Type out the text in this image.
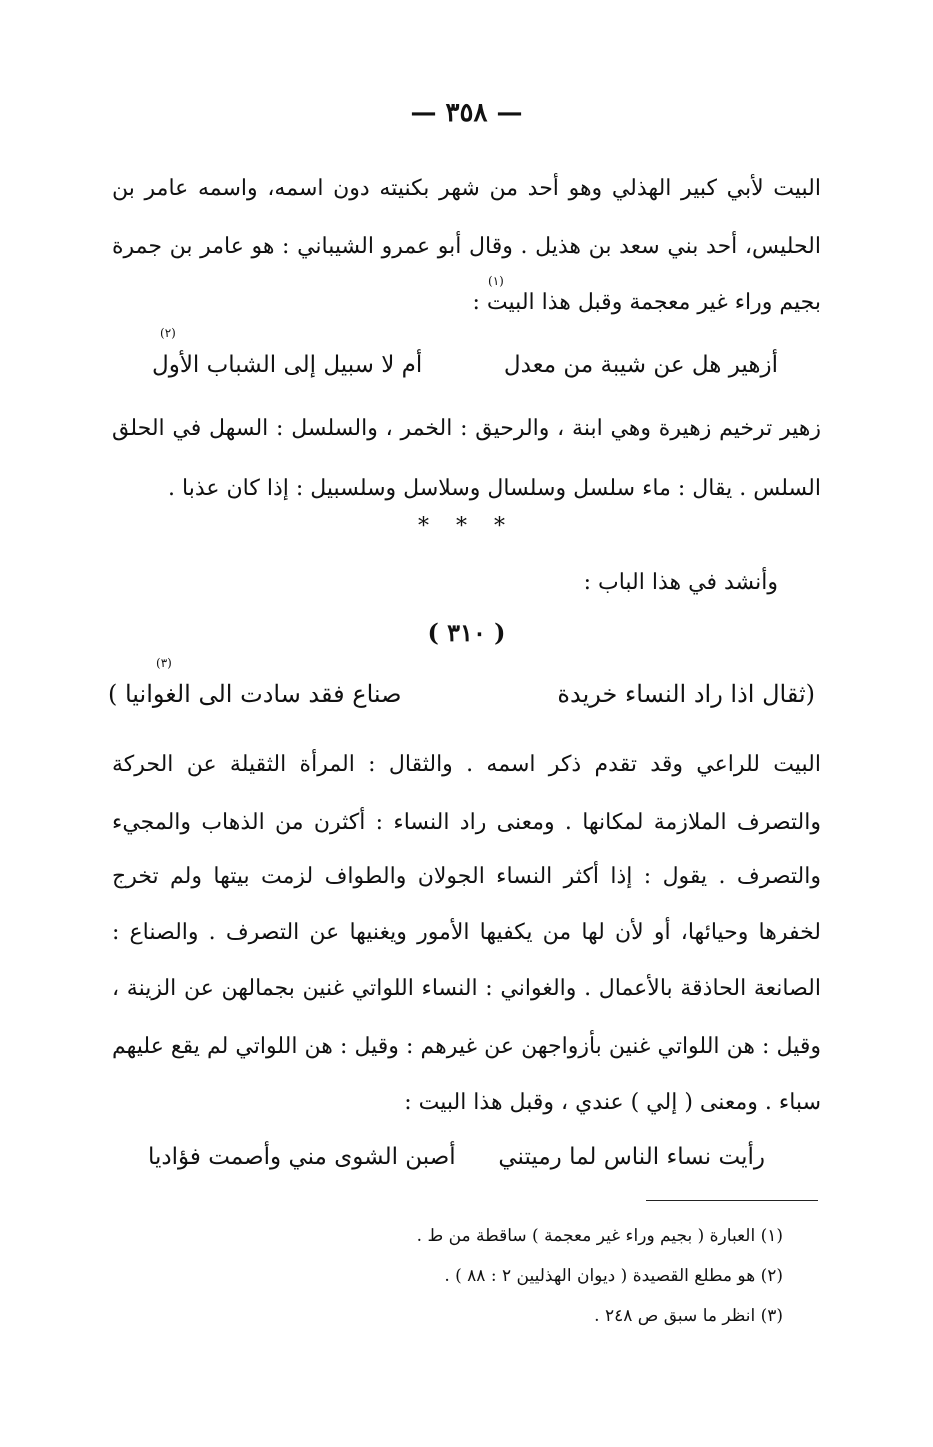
— ٣٥٨ —
البيت لأبي كبير الهذلي وهو أحد من شهر بكنيته دون اسمه، واسمه عامر بن
الحليس، أحد بني سعد بن هذيل . وقال أبو عمرو الشيباني : هو عامر بن جمرة
(١)
بجيم وراء غير معجمة وقبل هذا البيت :
(٢)
أزهير هل عن شيبة من معدل
أم لا سبيل إلى الشباب الأول
زهير ترخيم زهيرة وهي ابنة ، والرحيق : الخمر ، والسلسل : السهل في الحلق
السلس . يقال : ماء سلسل وسلسال وسلاسل وسلسبيل : إذا كان عذبا .
* * *
وأنشد في هذا الباب :
( ٣١٠ )
(٣)
(ثقال اذا راد النساء خريدة
صناع فقد سادت الى الغوانيا )
البيت للراعي وقد تقدم ذكر اسمه . والثقال : المرأة الثقيلة عن الحركة
والتصرف الملازمة لمكانها . ومعنى راد النساء : أكثرن من الذهاب والمجيء
والتصرف . يقول : إذا أكثر النساء الجولان والطواف لزمت بيتها ولم تخرج
لخفرها وحيائها، أو لأن لها من يكفيها الأمور ويغنيها عن التصرف . والصناع :
الصانعة الحاذقة بالأعمال . والغواني : النساء اللواتي غنين بجمالهن عن الزينة ،
وقيل : هن اللواتي غنين بأزواجهن عن غيرهم : وقيل : هن اللواتي لم يقع عليهم
سباء . ومعنى ( إلي ) عندي ، وقبل هذا البيت :
رأيت نساء الناس لما رميتني
أصبن الشوى مني وأصمت فؤاديا
(١) العبارة ( بجيم وراء غير معجمة ) ساقطة من ط .
(٢) هو مطلع القصيدة ( ديوان الهذليين ٢ : ٨٨ ) .
(٣) انظر ما سبق ص ٢٤٨ .
